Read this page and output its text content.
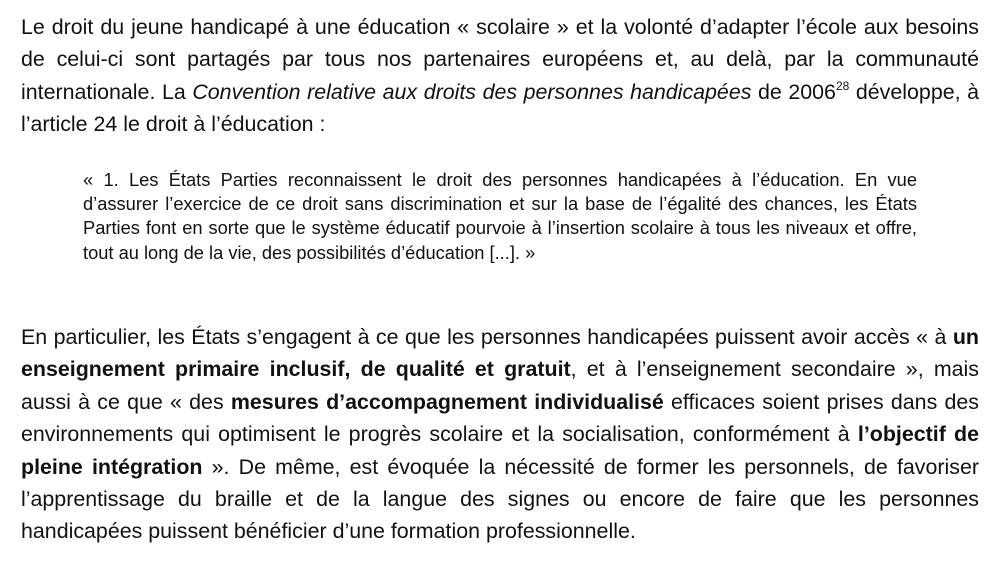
Le droit du jeune handicapé à une éducation « scolaire » et la volonté d’adapter l’école aux besoins de celui-ci sont partagés par tous nos partenaires européens et, au delà, par la communauté internationale. La Convention relative aux droits des personnes handicapées de 2006$^{28}$ développe, à l’article 24 le droit à l’éducation :

« 1. Les États Parties reconnaissent le droit des personnes handicapées à l’éducation. En vue d’assurer l’exercice de ce droit sans discrimination et sur la base de l’égalité des chances, les États Parties font en sorte que le système éducatif pourvoie à l’insertion scolaire à tous les niveaux et offre, tout au long de la vie, des possibilités d’éducation [...]. »

En particulier, les États s’engagent à ce que les personnes handicapées puissent avoir accès « à un enseignement primaire inclusif, de qualité et gratuit, et à l’enseignement secondaire », mais aussi à ce que « des mesures d’accompagnement individualisé efficaces soient prises dans des environnements qui optimisent le progrès scolaire et la socialisation, conformément à l’objectif de pleine intégration ». De même, est évoquée la nécessité de former les personnels, de favoriser l’apprentissage du braille et de la langue des signes ou encore de faire que les personnes handicapées puissent bénéficier d’une formation professionnelle.
